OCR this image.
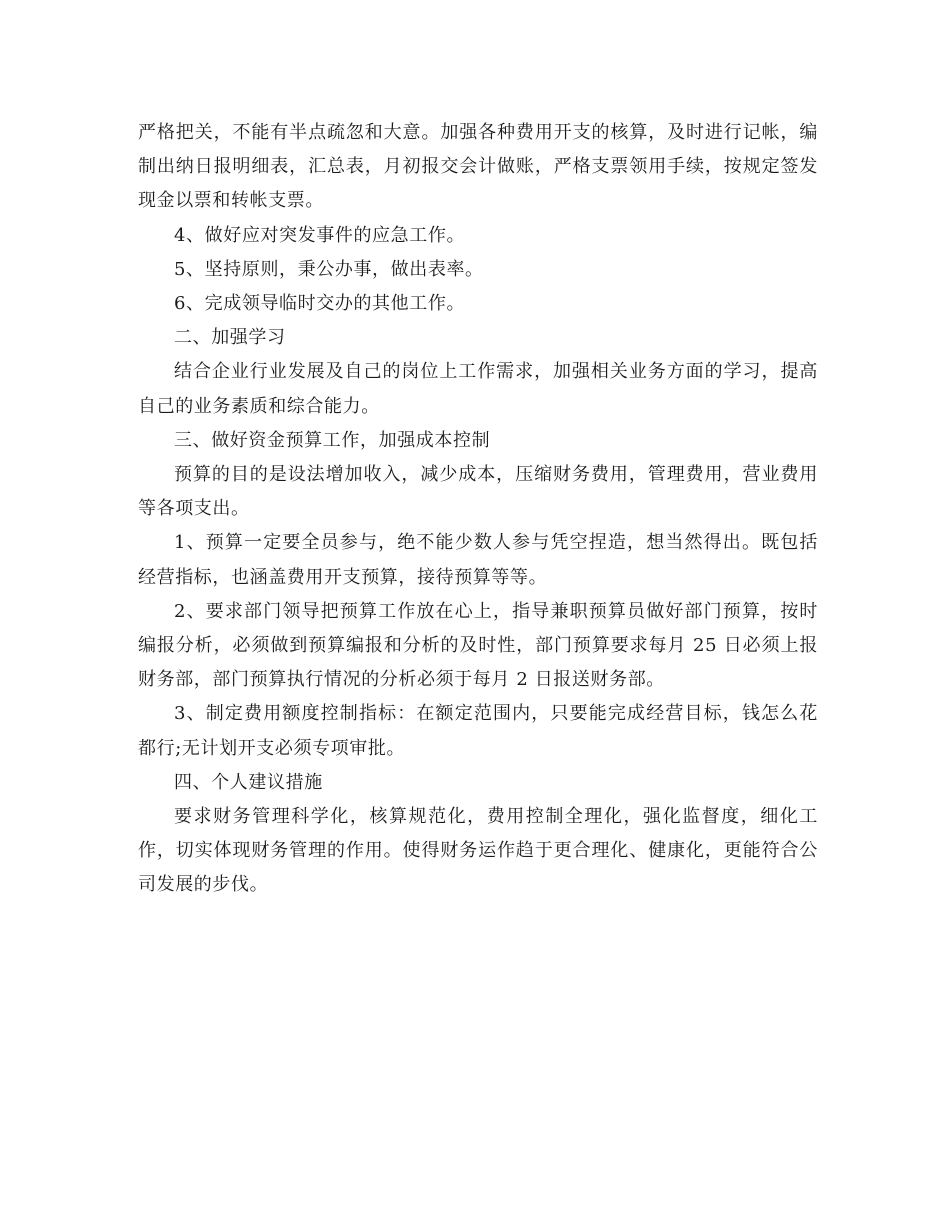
严格把关，不能有半点疏忽和大意。加强各种费用开支的核算，及时进行记帐，编制出纳日报明细表，汇总表，月初报交会计做账，严格支票领用手续，按规定签发现金以票和转帐支票。

4、做好应对突发事件的应急工作。

5、坚持原则，秉公办事，做出表率。

6、完成领导临时交办的其他工作。

二、加强学习

结合企业行业发展及自己的岗位上工作需求，加强相关业务方面的学习，提高自己的业务素质和综合能力。

三、做好资金预算工作，加强成本控制

预算的目的是设法增加收入，减少成本，压缩财务费用，管理费用，营业费用等各项支出。

1、预算一定要全员参与，绝不能少数人参与凭空捏造，想当然得出。既包括经营指标，也涵盖费用开支预算，接待预算等等。

2、要求部门领导把预算工作放在心上，指导兼职预算员做好部门预算，按时编报分析，必须做到预算编报和分析的及时性，部门预算要求每月 25 日必须上报财务部，部门预算执行情况的分析必须于每月 2 日报送财务部。

3、制定费用额度控制指标：在额定范围内，只要能完成经营目标，钱怎么花都行;无计划开支必须专项审批。

四、个人建议措施

要求财务管理科学化，核算规范化，费用控制全理化，强化监督度，细化工作，切实体现财务管理的作用。使得财务运作趋于更合理化、健康化，更能符合公司发展的步伐。
